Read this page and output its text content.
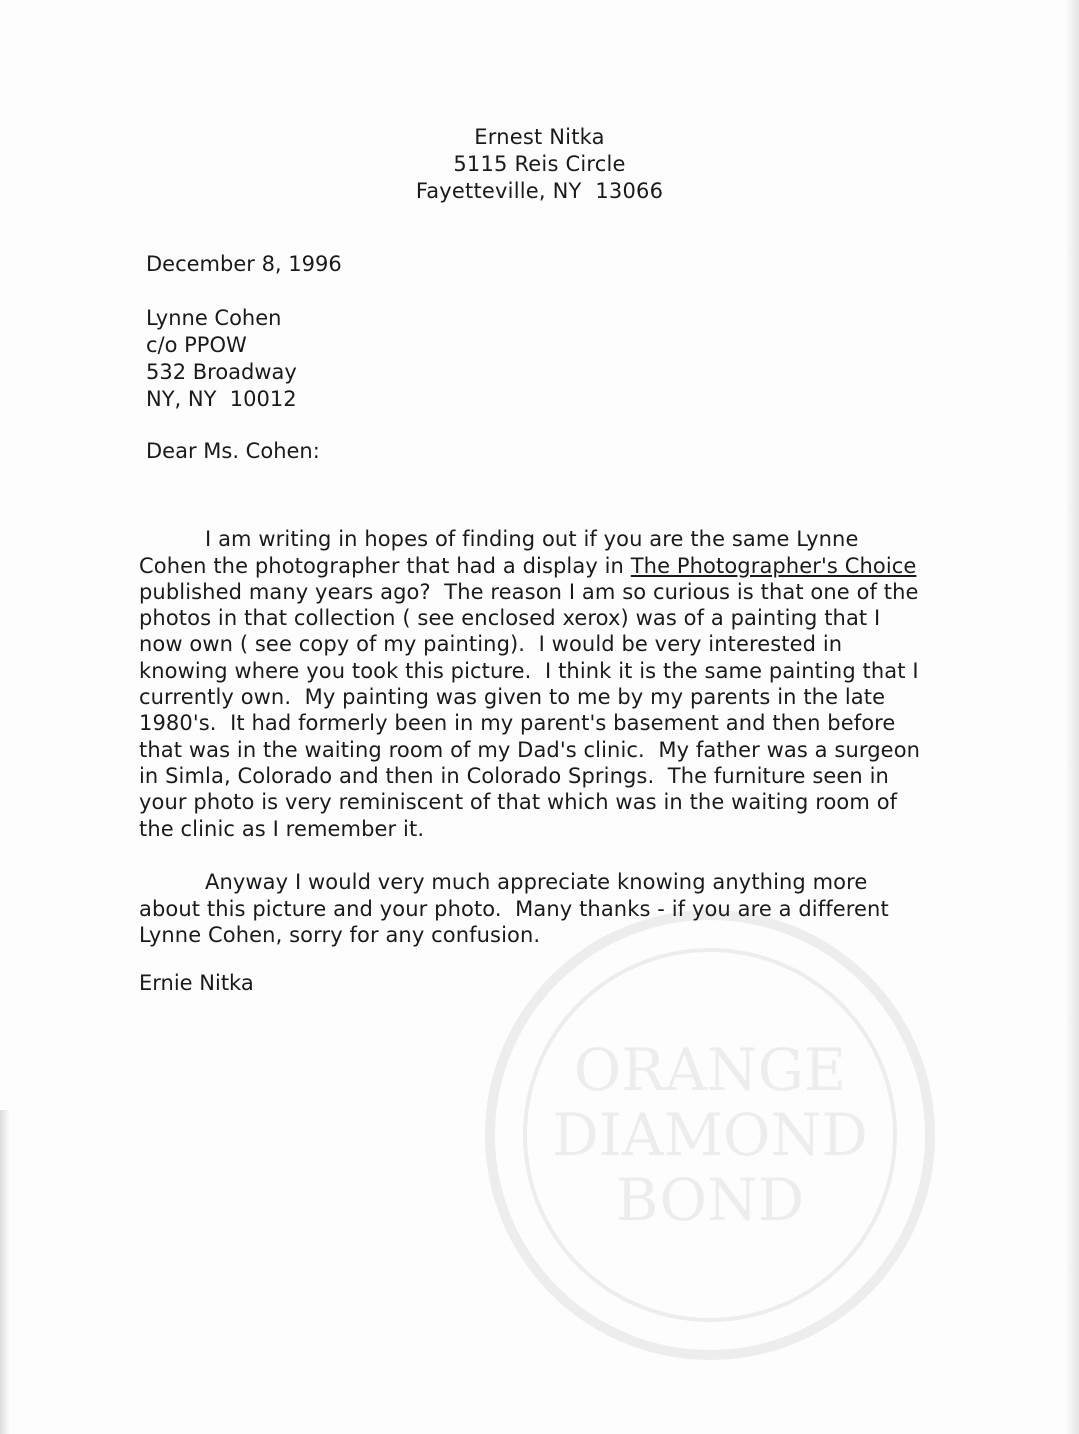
ORANGE
DIAMOND
BOND
Ernest Nitka
5115 Reis Circle
Fayetteville, NY  13066
December 8, 1996
Lynne Cohen
c/o PPOW
532 Broadway
NY, NY  10012
Dear Ms. Cohen:

I am writing in hopes of finding out if you are the same Lynne
Cohen the photographer that had a display in The Photographer's Choice
published many years ago?  The reason I am so curious is that one of the
photos in that collection ( see enclosed xerox) was of a painting that I
now own ( see copy of my painting).  I would be very interested in
knowing where you took this picture.  I think it is the same painting that I
currently own.  My painting was given to me by my parents in the late
1980's.  It had formerly been in my parent's basement and then before
that was in the waiting room of my Dad's clinic.  My father was a surgeon
in Simla, Colorado and then in Colorado Springs.  The furniture seen in
your photo is very reminiscent of that which was in the waiting room of
the clinic as I remember it.

Anyway I would very much appreciate knowing anything more
about this picture and your photo.  Many thanks - if you are a different
Lynne Cohen, sorry for any confusion.

Ernie Nitka
